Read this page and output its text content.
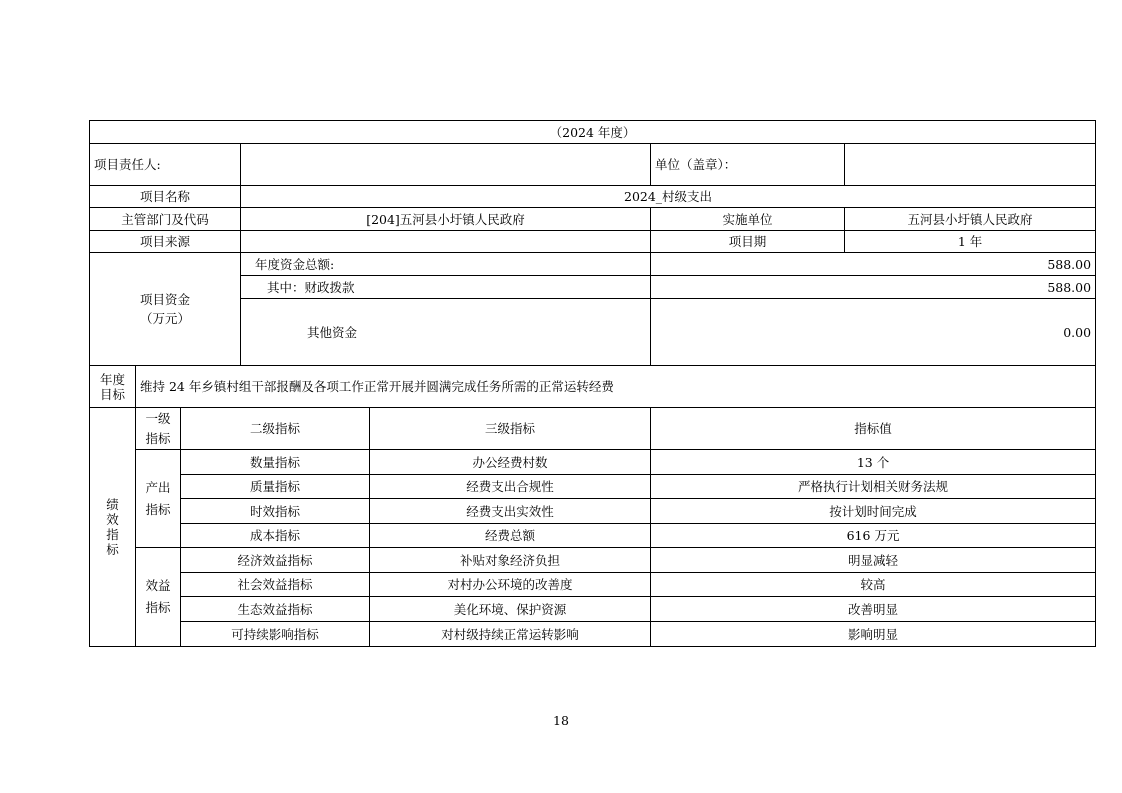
（2024 年度）						
项目责任人:					单位（盖章）：	
项目名称			2024_村级支出			
主管部门及代码			[204]五河县小圩镇人民政府		实施单位	五河县小圩镇人民政府
项目来源					项目期	1 年

项目资金
（万元）			年度资金总额:		588.00	
			其中：财政拨款		588.00	
			其他资金		0.00	
年度目标	维持 24 年乡镇村组干部报酬及各项工作正常开展并圆满完成任务所需的正常运转经费					
绩效指标	一级指标	二级指标		三级指标	指标值	
	产出指标	数量指标		办公经费村数	13 个	
		质量指标		经费支出合规性	严格执行计划相关财务法规	
		时效指标		经费支出实效性	按计划时间完成	
		成本指标		经费总额	616 万元	
	效益指标	经济效益指标		补贴对象经济负担	明显减轻	
		社会效益指标		对村办公环境的改善度	较高	
		生态效益指标		美化环境、保护资源	改善明显	
		可持续影响指标		对村级持续正常运转影响	影响明显	
18
